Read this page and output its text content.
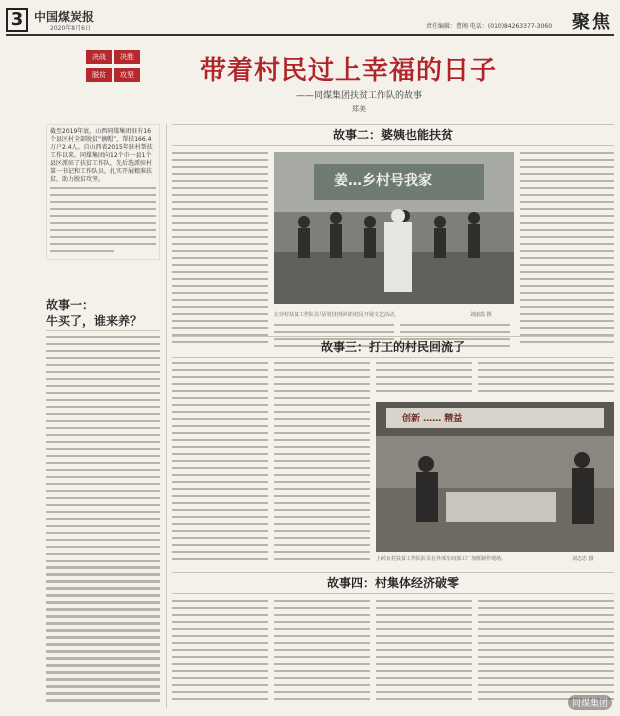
3 中国煤炭报
2020年8月6日	责任编辑：曹阁 电话：(010)84263377-3060 聚焦
决战	决胜
脱贫	攻坚	带着村民过上幸福的日子
——同煤集团扶贫工作队的故事
郑美
截至2019年底，山西同煤集团驻有16个县区村全部脱贫“摘帽”，帮扶166.4万户2.4人。自山西省2015年驻村帮扶工作以来，同煤集团向12个市一县1个县区派驻了扶贫工作队，先后选派驻村第一书记和工作队员，扎实开展精准扶贫，助力脱贫攻坚。
故事一：
牛买了，谁来养？
故事二：婆姨也能扶贫
姜…乡村号我家
左旁村扶贫工作队员马同驻村组织的村民开展文艺活动。	刘丽霞 摄
故事三：打工的村民回流了
创新 …… 精益
上砖瓦村扶贫工作队队员在外部车间加工厂加班制作现场。	刘志忠 摄
故事四：村集体经济破零
同煤集团
